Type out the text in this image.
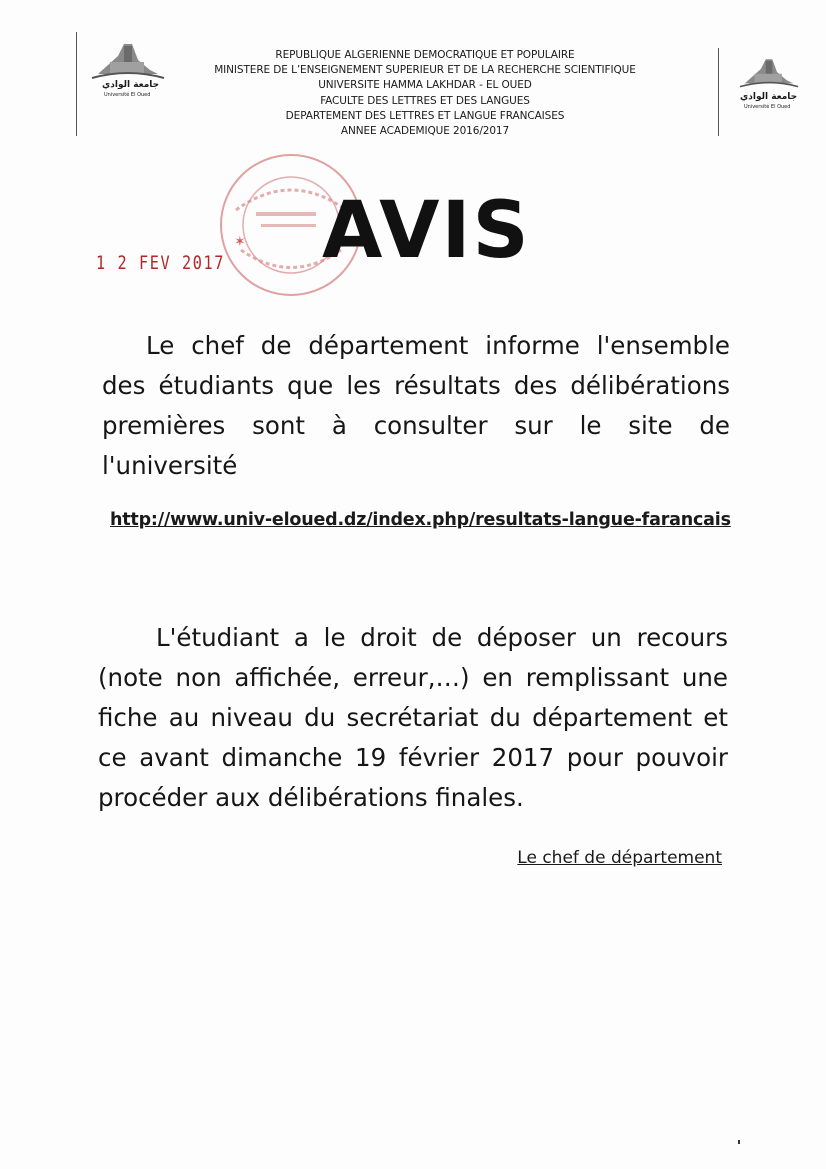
جامعة الوادي
Université El Oued	جامعة الوادي
Université El Oued
REPUBLIQUE ALGERIENNE DEMOCRATIQUE ET POPULAIRE
MINISTERE DE L’ENSEIGNEMENT SUPERIEUR ET DE LA RECHERCHE SCIENTIFIQUE
UNIVERSITE HAMMA LAKHDAR - EL OUED
FACULTE DES LETTRES ET DES LANGUES
DEPARTEMENT DES LETTRES ET LANGUE FRANCAISES
ANNEE ACADEMIQUE 2016/2017
✶
1 2 FEV 2017 AVIS
Le chef de département informe l'ensemble des étudiants que les résultats des délibérations premières sont à consulter sur le site de l'université
http://www.univ-eloued.dz/index.php/resultats-langue-farancais
L'étudiant a le droit de déposer un recours (note non affichée, erreur,…) en remplissant une fiche au niveau du secrétariat du département et ce avant dimanche 19 février 2017 pour pouvoir procéder aux délibérations finales.
Le chef de département
